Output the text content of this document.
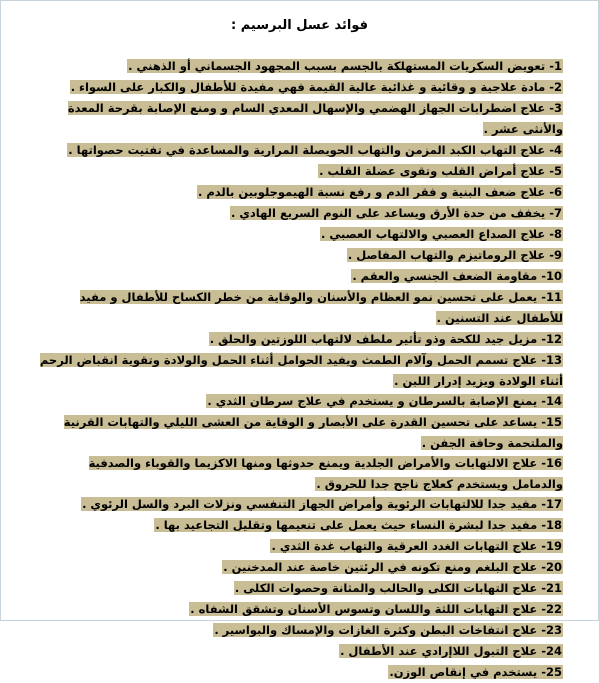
فوائد عسل البرسيم :

1- تعويض السكريات المستهلكة بالجسم بسبب المجهود الجسماني أو الذهني .

2- مادة علاجية و وقائية و غذائية عالية القيمة فهي مفيدة للأطفال والكبار على السواء .

3- علاج اضطرابات الجهاز الهضمي والإسهال المعدي السام و ومنع الإصابة بقرحة المعدة والأنثى عشر .

4- علاج التهاب الكبد المزمن والتهاب الحويصلة المرارية والمساعدة في تفتيت حصواتها .

5- علاج أمراض القلب وتقوى عضلة القلب .

6- علاج ضعف البنية و فقر الدم و رفع نسبة الهيموجلوبين بالدم .

7- يخفف من حدة الأرق ويساعد على النوم السريع الهادي .

8- علاج الصداع العصبي والالتهاب العصبي .

9- علاج الروماتيزم والتهاب المفاصل .

10- مقاومة الضعف الجنسي والعقم .

11- يعمل على تحسين نمو العظام والأسنان والوقاية من خطر الكساح للأطفال و مفيد للأطفال عند التسنين .

12- مزيل جيد للكحة وذو تأثير ملطف لالتهاب اللوزتين والحلق .

13- علاج تسمم الحمل وآلام الطمث ويفيد الحوامل أثناء الحمل والولادة وتقوية انقباض الرحم أثناء الولادة ويزيد إدرار اللبن .

14- يمنع الإصابة بالسرطان و يستخدم في علاج سرطان الثدي .

15- يساعد على تحسين القدرة على الأبصار و الوقاية من العشى الليلي والتهابات القرنية والملتحمة وحافة الجفن .

16- علاج الالتهابات والأمراض الجلدية ويمنع حدوثها ومنها الاكزيما والقوباء والصدفية والدمامل ويستخدم كعلاج ناجح جدا للحروق .

17- مفيد جدا للالتهابات الرئوية وأمراض الجهاز التنفسي ونزلات البرد والسل الرئوي .

18- مفيد جدا لبشرة النساء حيث يعمل على تنعيمها وتقليل التجاعيد بها .

19- علاج التهابات الغدد العرقية والتهاب غدة الثدي .

20- علاج البلغم ومنع تكونه في الرئتين خاصة عند المدخنين .

21- علاج التهابات الكلى والحالب والمثانة وحصوات الكلى .

22- علاج التهابات اللثة واللسان وتسوس الأسنان وتشقق الشفاه .

23- علاج انتفاخات البطن وكثرة الغازات والإمساك والبواسير .

24- علاج التبول اللاإرادي عند الأطفال .

25- يستخدم في إنقاص الوزن.
